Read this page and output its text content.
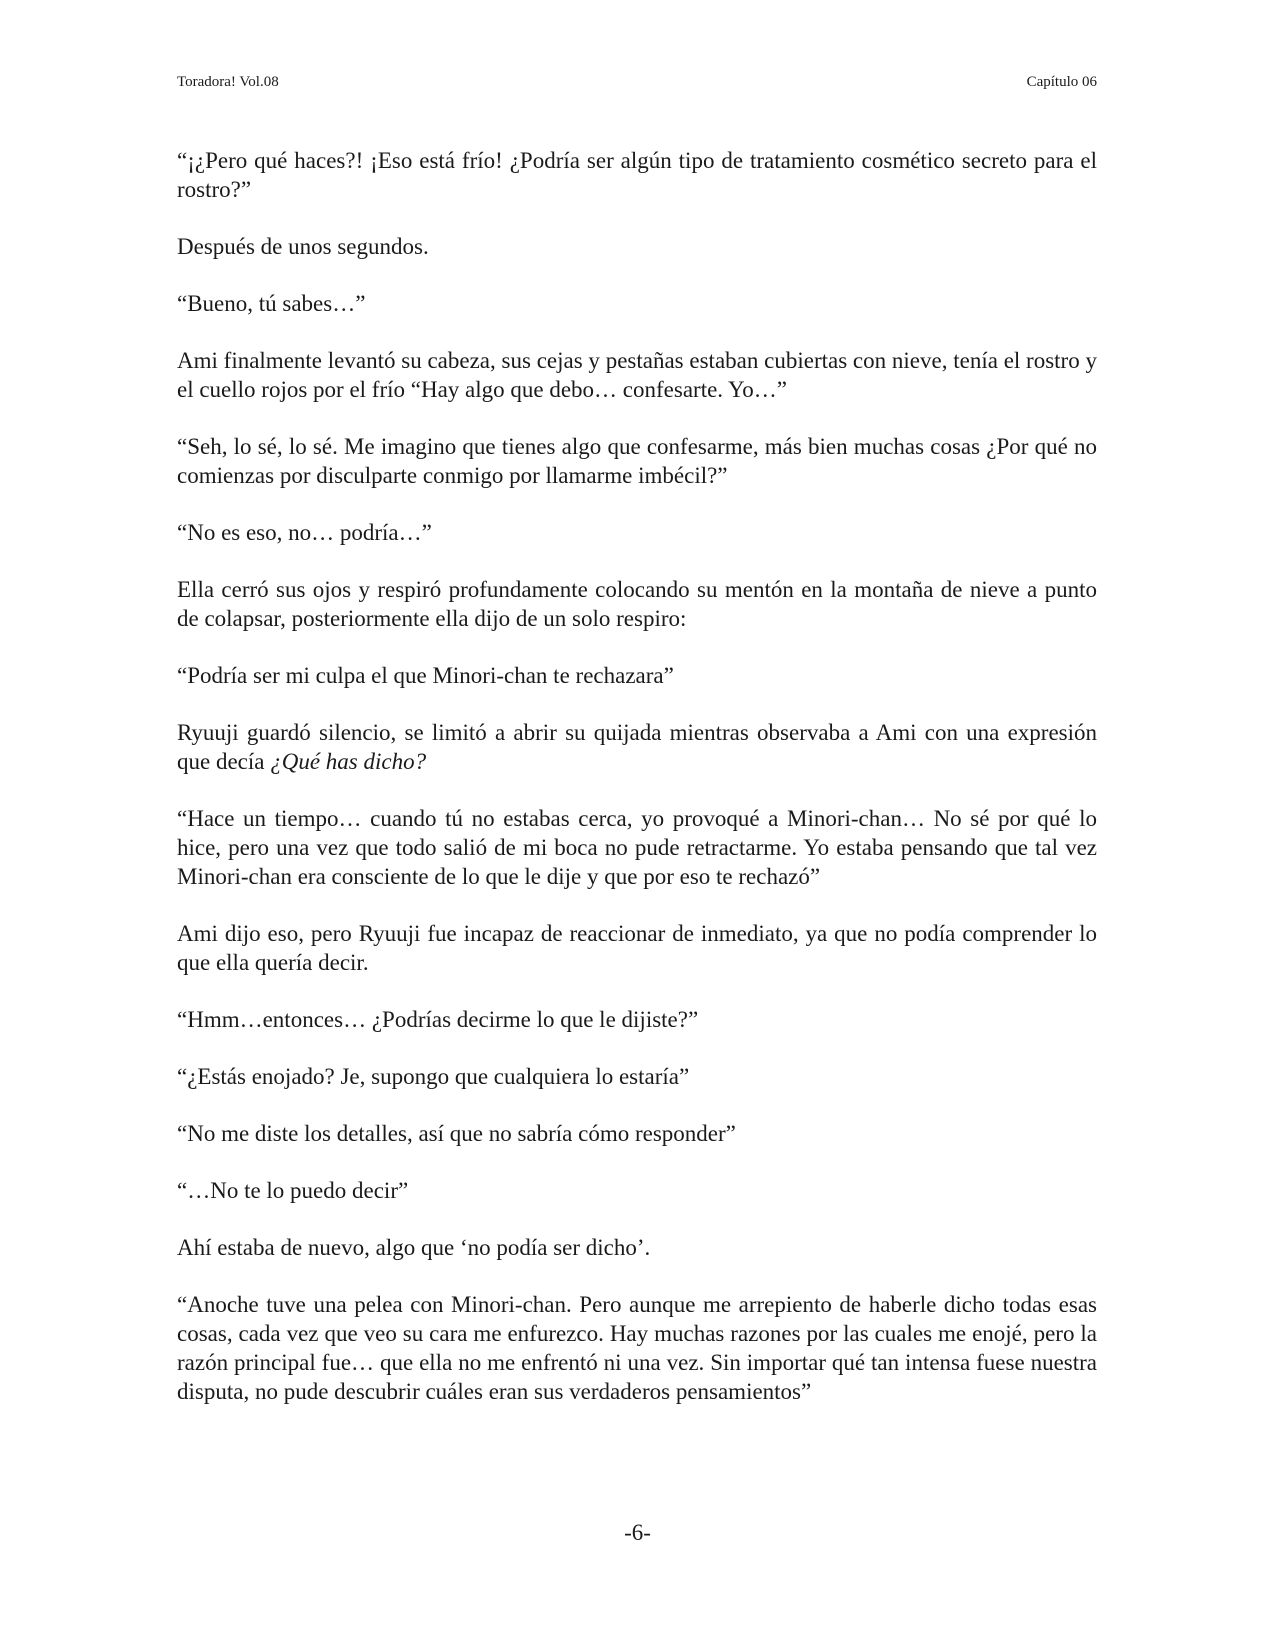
Toradora! Vol.08	Capítulo 06

“¡¿Pero qué haces?! ¡Eso está frío! ¿Podría ser algún tipo de tratamiento cosmético secreto para el rostro?”

Después de unos segundos.

“Bueno, tú sabes…”

Ami finalmente levantó su cabeza, sus cejas y pestañas estaban cubiertas con nieve, tenía el rostro y el cuello rojos por el frío “Hay algo que debo… confesarte. Yo…”

“Seh, lo sé, lo sé. Me imagino que tienes algo que confesarme, más bien muchas cosas ¿Por qué no comienzas por disculparte conmigo por llamarme imbécil?”

“No es eso, no… podría…”

Ella cerró sus ojos y respiró profundamente colocando su mentón en la montaña de nieve a punto de colapsar, posteriormente ella dijo de un solo respiro:

“Podría ser mi culpa el que Minori-chan te rechazara”

Ryuuji guardó silencio, se limitó a abrir su quijada mientras observaba a Ami con una expresión que decía ¿Qué has dicho?

“Hace un tiempo… cuando tú no estabas cerca, yo provoqué a Minori-chan… No sé por qué lo hice, pero una vez que todo salió de mi boca no pude retractarme. Yo estaba pensando que tal vez Minori-chan era consciente de lo que le dije y que por eso te rechazó”

Ami dijo eso, pero Ryuuji fue incapaz de reaccionar de inmediato, ya que no podía comprender lo que ella quería decir.

“Hmm…entonces… ¿Podrías decirme lo que le dijiste?”

“¿Estás enojado? Je, supongo que cualquiera lo estaría”

“No me diste los detalles, así que no sabría cómo responder”

“…No te lo puedo decir”

Ahí estaba de nuevo, algo que ‘no podía ser dicho’.

“Anoche tuve una pelea con Minori-chan. Pero aunque me arrepiento de haberle dicho todas esas cosas, cada vez que veo su cara me enfurezco. Hay muchas razones por las cuales me enojé, pero la razón principal fue… que ella no me enfrentó ni una vez. Sin importar qué tan intensa fuese nuestra disputa, no pude descubrir cuáles eran sus verdaderos pensamientos”

-6-
